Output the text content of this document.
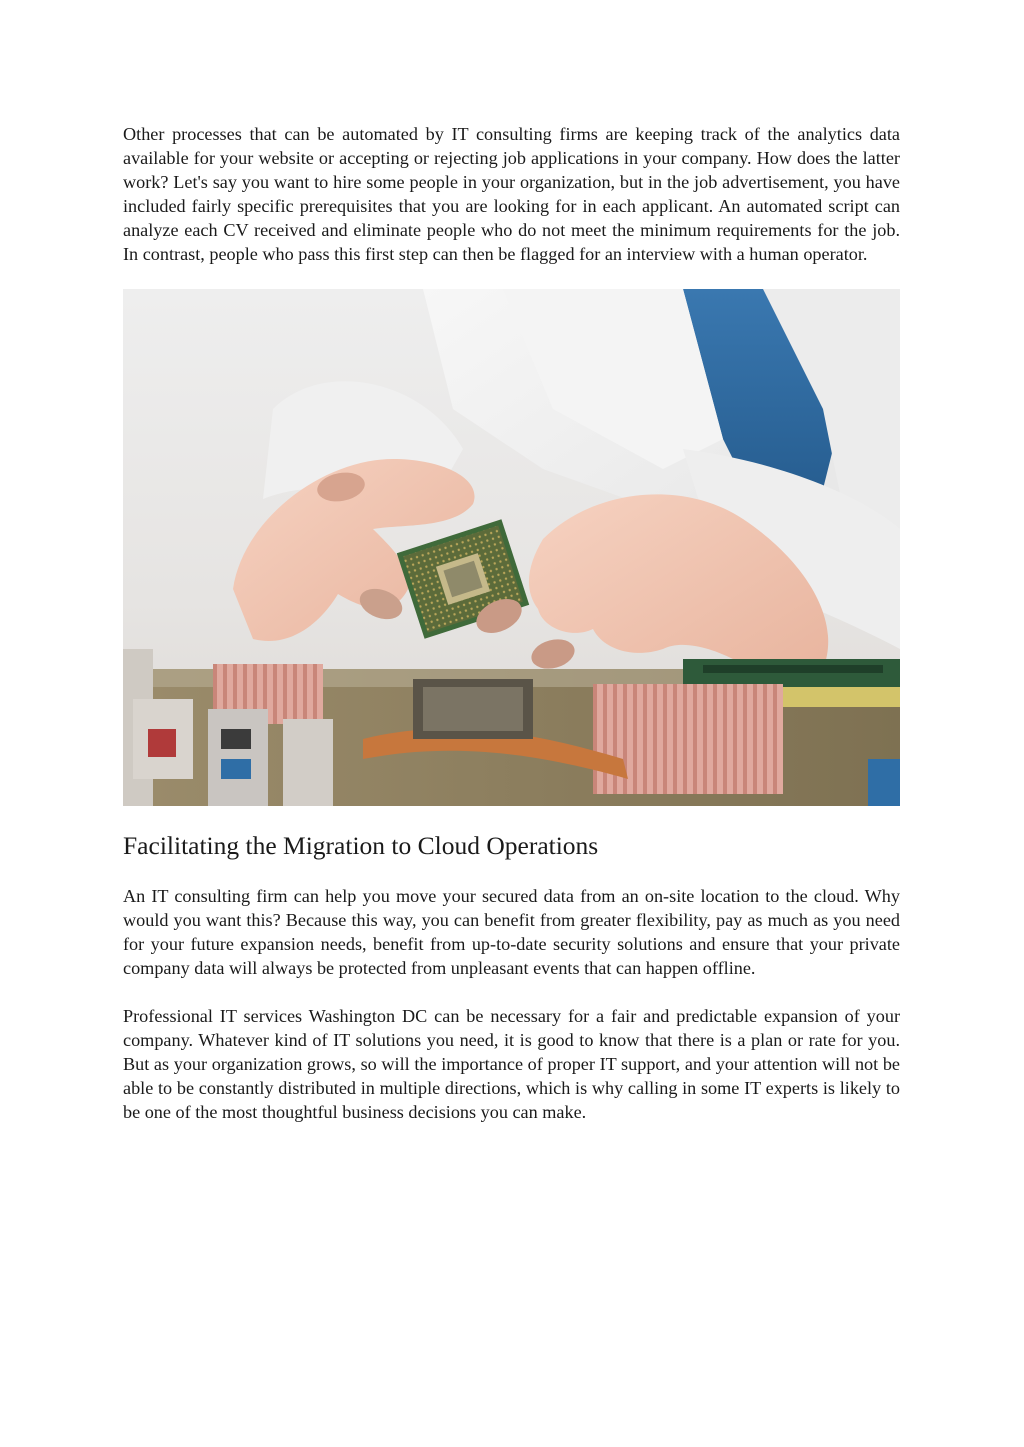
Other processes that can be automated by IT consulting firms are keeping track of the analytics data available for your website or accepting or rejecting job applications in your company. How does the latter work? Let's say you want to hire some people in your organization, but in the job advertisement, you have included fairly specific prerequisites that you are looking for in each applicant. An automated script can analyze each CV received and eliminate people who do not meet the minimum requirements for the job. In contrast, people who pass this first step can then be flagged for an interview with a human operator.

Facilitating the Migration to Cloud Operations

An IT consulting firm can help you move your secured data from an on-site location to the cloud. Why would you want this? Because this way, you can benefit from greater flexibility, pay as much as you need for your future expansion needs, benefit from up-to-date security solutions and ensure that your private company data will always be protected from unpleasant events that can happen offline.

Professional IT services Washington DC can be necessary for a fair and predictable expansion of your company. Whatever kind of IT solutions you need, it is good to know that there is a plan or rate for you. But as your organization grows, so will the importance of proper IT support, and your attention will not be able to be constantly distributed in multiple directions, which is why calling in some IT experts is likely to be one of the most thoughtful business decisions you can make.
